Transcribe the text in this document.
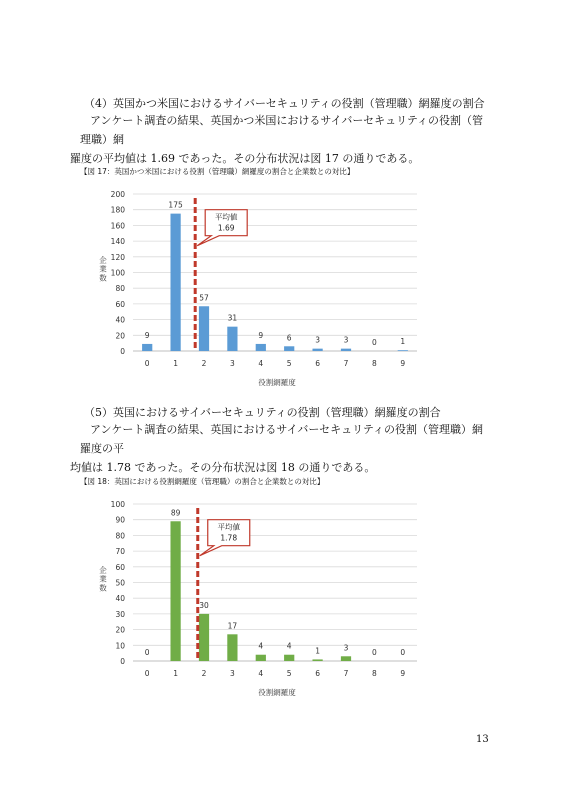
（4）英国かつ米国におけるサイバーセキュリティの役割（管理職）網羅度の割合
アンケート調査の結果、英国かつ米国におけるサイバーセキュリティの役割（管理職）網
羅度の平均値は 1.69 であった。その分布状況は図 17 の通りである。
【図 17：英国かつ米国における役割（管理職）網羅度の割合と企業数との対比】
0
20
40
60
80
100
120
140
160
180
200
企
業
数
9
0
175
1
57
2
31
3
9
4
6
5
3
6
3
7
0
8
1
9
役割網羅度
平均値
1.69
（5）英国におけるサイバーセキュリティの役割（管理職）網羅度の割合
アンケート調査の結果、英国におけるサイバーセキュリティの役割（管理職）網羅度の平
均値は 1.78 であった。その分布状況は図 18 の通りである。
【図 18：英国における役割網羅度（管理職）の割合と企業数との対比】
0
10
20
30
40
50
60
70
80
90
100
企
業
数
0
0
89
1
30
2
17
3
4
4
4
5
1
6
3
7
0
8
0
9
役割網羅度
平均値
1.78
13
